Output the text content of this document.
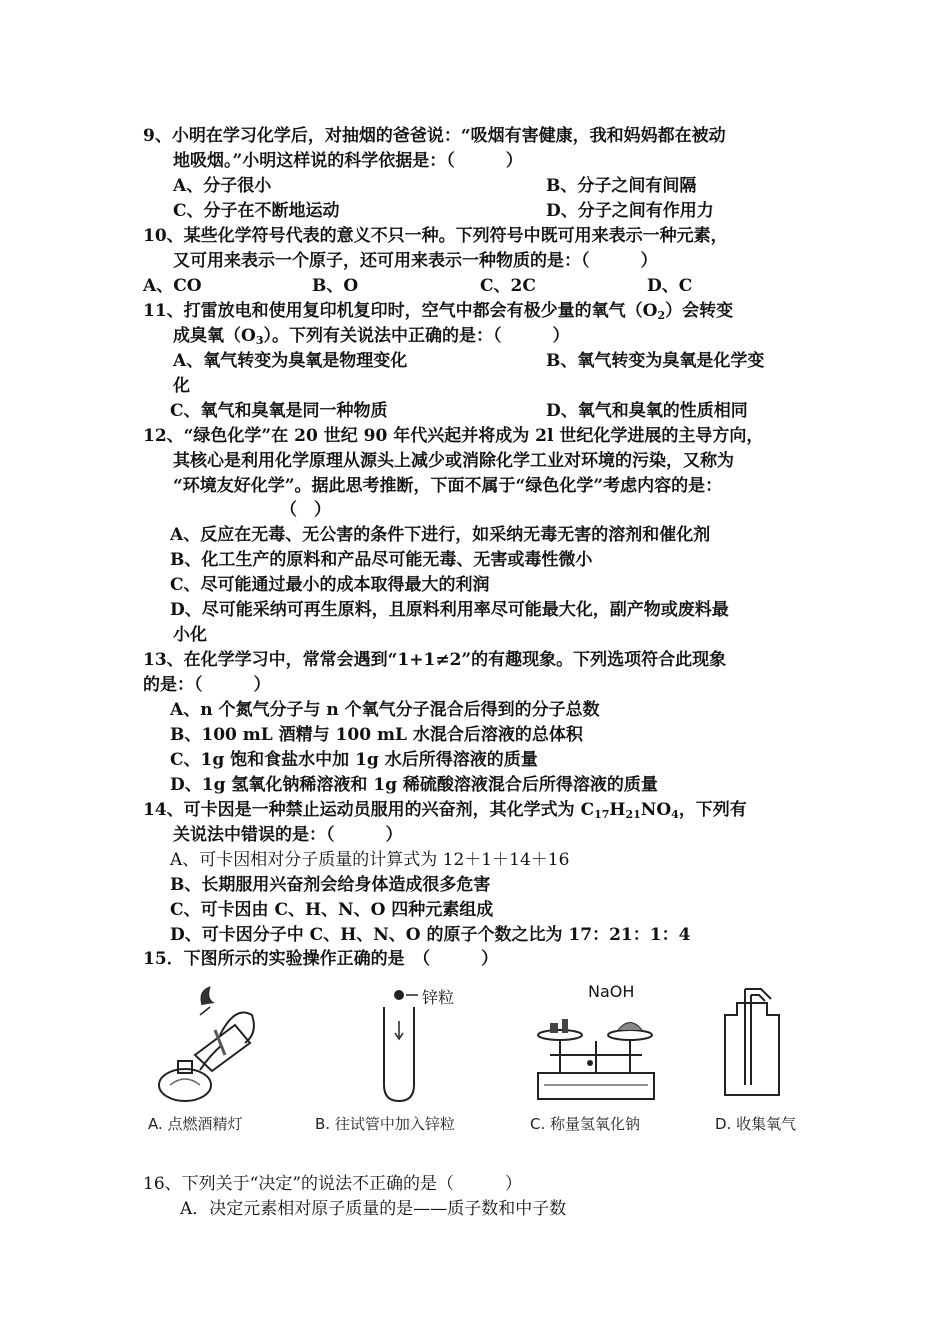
9、小明在学习化学后，对抽烟的爸爸说：“吸烟有害健康，我和妈妈都在被动
地吸烟。”小明这样说的科学依据是：（　　　）
A、分子很小	B、分子之间有间隔
C、分子在不断地运动	D、分子之间有作用力
10、某些化学符号代表的意义不只一种。下列符号中既可用来表示一种元素，
又可用来表示一个原子，还可用来表示一种物质的是：（　　　）
A、CO	B、O	C、2C	D、C
11、打雷放电和使用复印机复印时，空气中都会有极少量的氧气$(O_2)$会转变
成臭氧$(O_3)$。下列有关说法中正确的是：（　　　）
A、氧气转变为臭氧是物理变化	B、氧气转变为臭氧是化学变
化
C、氧气和臭氧是同一种物质	D、氧气和臭氧的性质相同
12、“绿色化学”在 20 世纪 90 年代兴起并将成为 2l 世纪化学进展的主导方向，
其核心是利用化学原理从源头上减少或消除化学工业对环境的污染，又称为
“环境友好化学”。据此思考推断，下面不属于“绿色化学”考虑内容的是：
（　）
A、反应在无毒、无公害的条件下进行，如采纳无毒无害的溶剂和催化剂
B、化工生产的原料和产品尽可能无毒、无害或毒性微小
C、尽可能通过最小的成本取得最大的利润
D、尽可能采纳可再生原料，且原料利用率尽可能最大化，副产物或废料最
小化
13、在化学学习中，常常会遇到“1+1≠2”的有趣现象。下列选项符合此现象
的是：（　　　）
A、n 个氮气分子与 n 个氧气分子混合后得到的分子总数
B、100 mL 酒精与 100 mL 水混合后溶液的总体积
C、1g 饱和食盐水中加 1g 水后所得溶液的质量
D、1g 氢氧化钠稀溶液和 1g 稀硫酸溶液混合后所得溶液的质量
14、可卡因是一种禁止运动员服用的兴奋剂，其化学式为 $C_{17}H_{21}NO_4$，下列有
关说法中错误的是：（　　　）
A、可卡因相对分子质量的计算式为 12＋1＋14＋16
B、长期服用兴奋剂会给身体造成很多危害
C、可卡因由 C、H、N、O 四种元素组成
D、可卡因分子中 C、H、N、O 的原子个数之比为 17：21：1：4
15．下图所示的实验操作正确的是　（　　　）
A. 点燃酒精灯
锌粒
B. 往试管中加入锌粒
NaOH
C. 称量氢氧化钠	D. 收集氧气
16、下列关于“决定”的说法不正确的是（　　　）
A．决定元素相对原子质量的是——质子数和中子数
